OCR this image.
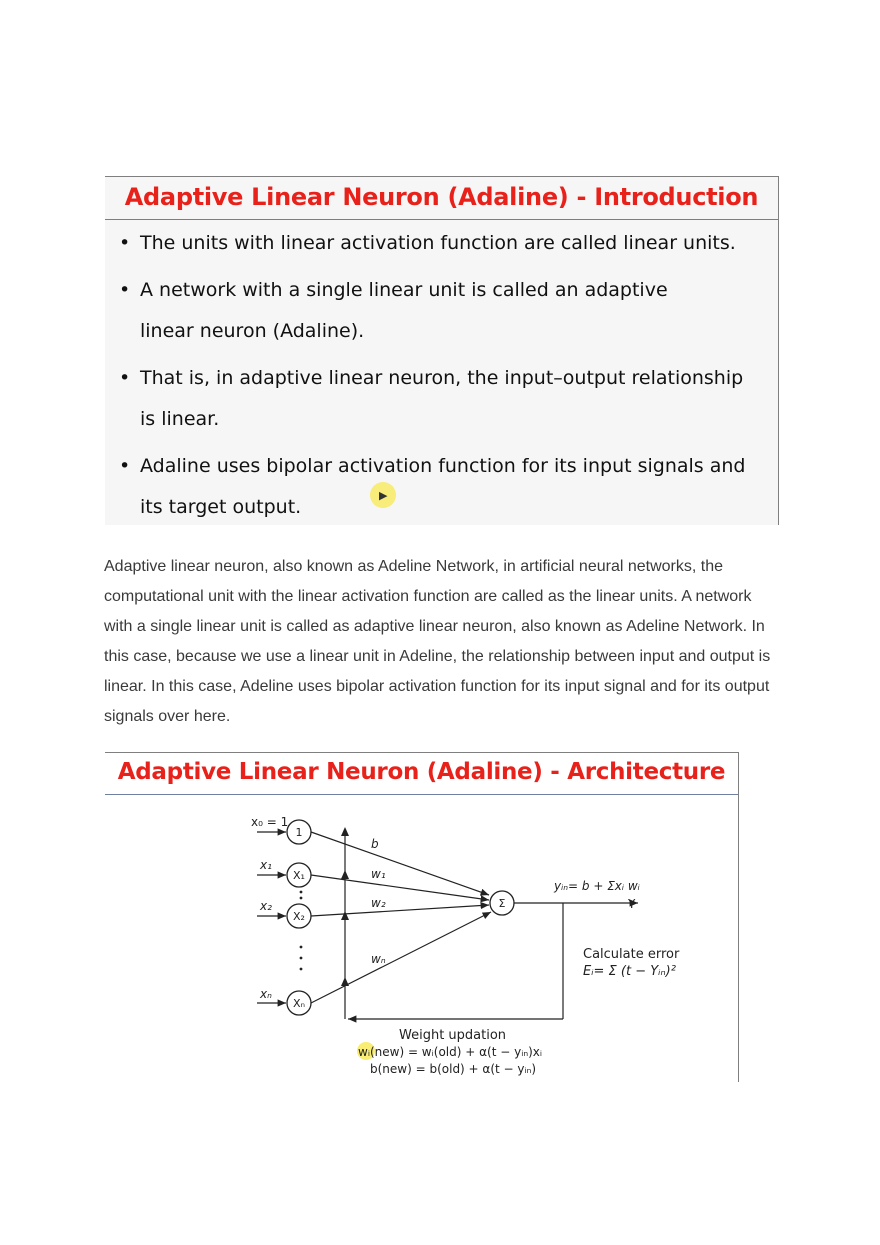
Adaptive Linear Neuron (Adaline) - Introduction
• The units with linear activation function are called linear units.
• A network with a single linear unit is called an adaptive linear neuron (Adaline).
• That is, in adaptive linear neuron, the input–output relationship is linear.
• Adaline uses bipolar activation function for its input signals and its target output.	▶
Adaptive linear neuron, also known as Adeline Network, in artificial neural networks, the computational unit with the linear activation function are called as the linear units. A network with a single linear unit is called as adaptive linear neuron, also known as Adeline Network. In this case, because we use a linear unit in Adeline, the relationship between input and output is linear. In this case, Adeline uses bipolar activation function for its input signal and for its output signals over here.
Adaptive Linear Neuron (Adaline) - Architecture
x₀ = 1
x₁
x₂
xₙ
b
w₁
w₂
wₙ
1
X₁
X₂
Xₙ
Σ
yᵢₙ= b + Σxᵢ wᵢ
Y
Calculate error
Eᵢ= Σ (t − Yᵢₙ)²
Weight updation
wᵢ(new) = wᵢ(old) + α(t − yᵢₙ)xᵢ
b(new) = b(old) + α(t − yᵢₙ)
